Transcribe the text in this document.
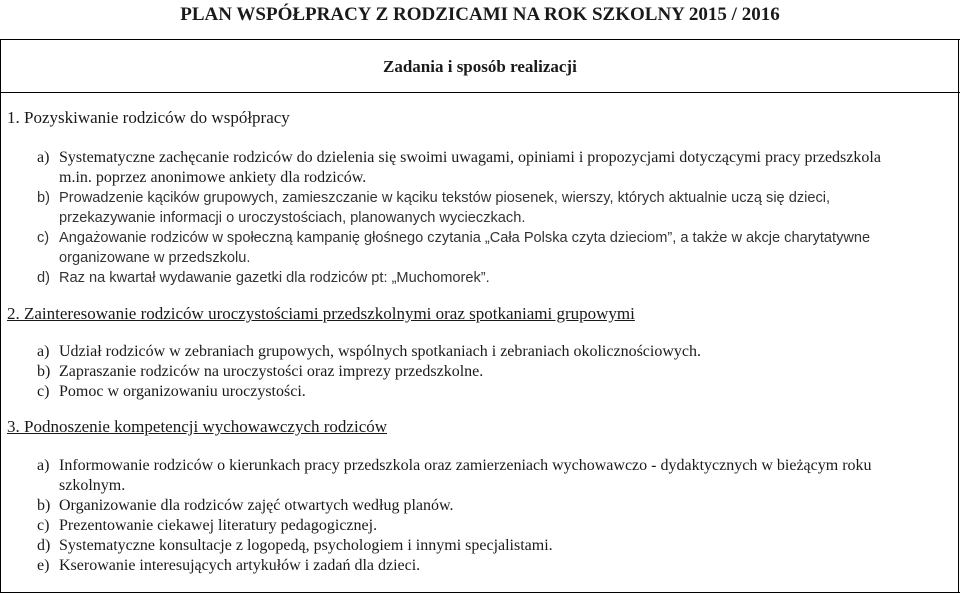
PLAN WSPÓŁPRACY Z RODZICAMI NA ROK SZKOLNY 2015 / 2016
Zadania i sposób realizacji
1. Pozyskiwanie rodziców do współpracy
a) Systematyczne zachęcanie rodziców do dzielenia się swoimi uwagami, opiniami i propozycjami dotyczącymi pracy przedszkola
m.in. poprzez anonimowe ankiety dla rodziców.
b) Prowadzenie kącików grupowych, zamieszczanie w kąciku tekstów piosenek, wierszy, których aktualnie uczą się dzieci,
przekazywanie informacji o uroczystościach, planowanych wycieczkach.
c) Angażowanie rodziców w społeczną kampanię głośnego czytania „Cała Polska czyta dzieciom”, a także w akcje charytatywne
organizowane w przedszkolu.
d) Raz na kwartał wydawanie gazetki dla rodziców pt: „Muchomorek”.
2. Zainteresowanie rodziców uroczystościami przedszkolnymi oraz spotkaniami grupowymi
a) Udział rodziców w zebraniach grupowych, wspólnych spotkaniach i zebraniach okolicznościowych.
b) Zapraszanie rodziców na uroczystości oraz imprezy przedszkolne.
c) Pomoc w organizowaniu uroczystości.
3. Podnoszenie kompetencji wychowawczych rodziców
a) Informowanie rodziców o kierunkach pracy przedszkola oraz zamierzeniach wychowawczo - dydaktycznych w bieżącym roku
szkolnym.
b) Organizowanie dla rodziców zajęć otwartych według planów.
c) Prezentowanie ciekawej literatury pedagogicznej.
d) Systematyczne konsultacje z logopedą, psychologiem i innymi specjalistami.
e) Kserowanie interesujących artykułów i zadań dla dzieci.
